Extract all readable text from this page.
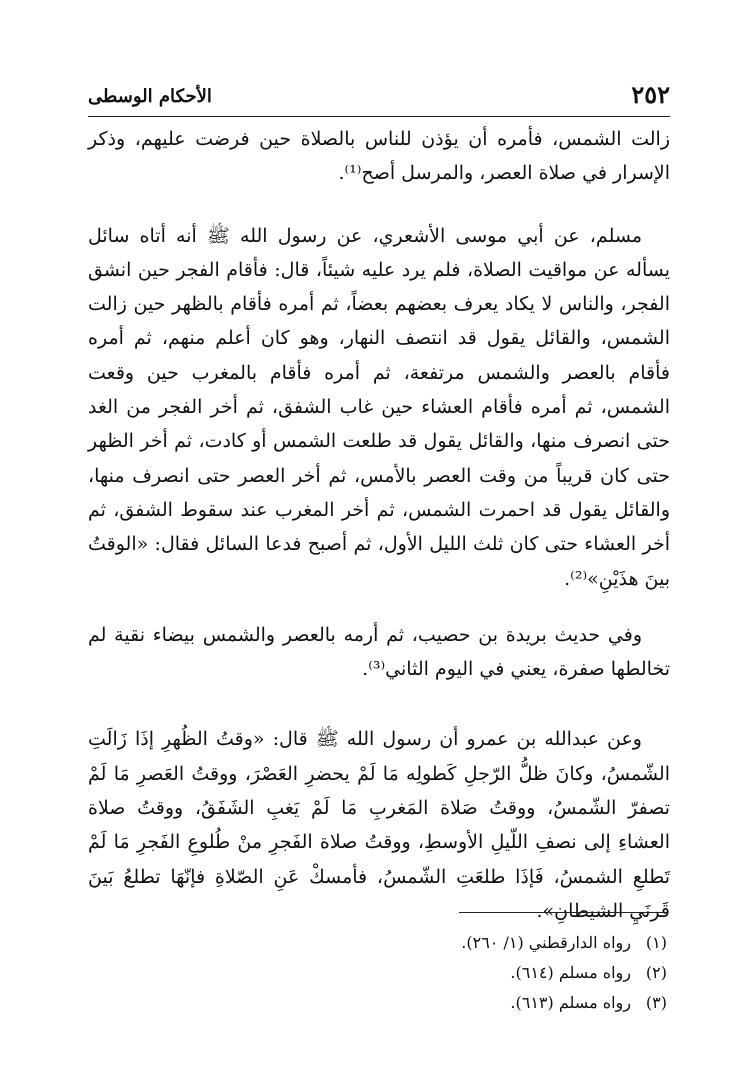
٢٥٢
الأحكام الوسطى

زالت الشمس، فأمره أن يؤذن للناس بالصلاة حين فرضت عليهم، وذكر الإسرار في صلاة العصر، والمرسل أصح⁽¹⁾.

مسلم، عن أبي موسى الأشعري، عن رسول الله ﷺ أنه أتاه سائل يسأله عن مواقيت الصلاة، فلم يرد عليه شيئاً، قال: فأقام الفجر حين انشق الفجر، والناس لا يكاد يعرف بعضهم بعضاً، ثم أمره فأقام بالظهر حين زالت الشمس، والقائل يقول قد انتصف النهار، وهو كان أعلم منهم، ثم أمره فأقام بالعصر والشمس مرتفعة، ثم أمره فأقام بالمغرب حين وقعت الشمس، ثم أمره فأقام العشاء حين غاب الشفق، ثم أخر الفجر من الغد حتى انصرف منها، والقائل يقول قد طلعت الشمس أو كادت، ثم أخر الظهر حتى كان قريباً من وقت العصر بالأمس، ثم أخر العصر حتى انصرف منها، والقائل يقول قد احمرت الشمس، ثم أخر المغرب عند سقوط الشفق، ثم أخر العشاء حتى كان ثلث الليل الأول، ثم أصبح فدعا السائل فقال: «الوقتُ بينَ هذَيْنِ»⁽²⁾.

وفي حديث بريدة بن حصيب، ثم أرمه بالعصر والشمس بيضاء نقية لم تخالطها صفرة، يعني في اليوم الثاني⁽³⁾.

وعن عبدالله بن عمرو أن رسول الله ﷺ قال: «وقتُ الظُهرِ إذَا زَالَتِ الشّمسُ، وكانَ ظلُّ الرّجلِ كَطولِه مَا لَمْ يحضرِ العَصْرَ، ووقتُ العَصرِ مَا لَمْ تصفرّ الشّمسُ، ووقتُ صَلاة المَغربِ مَا لَمْ يَغبِ الشَفَقُ، ووقتُ صلاة العشاءِ إلى نصفِ اللّيلِ الأوسطِ، ووقتُ صلاة الفَجرِ منْ طُلوعِ الفَجرِ مَا لَمْ تَطلعِ الشمسُ، فَإذَا طلعَتِ الشّمسُ، فأمسكْ عَنِ الصّلاةِ فإنّهَا تطلعُ بَينَ قَرنَيِ الشيطانِ».

(١)
رواه الدارقطني (١/ ٢٦٠).
(٢)
رواه مسلم (٦١٤).
(٣)
رواه مسلم (٦١٣).
